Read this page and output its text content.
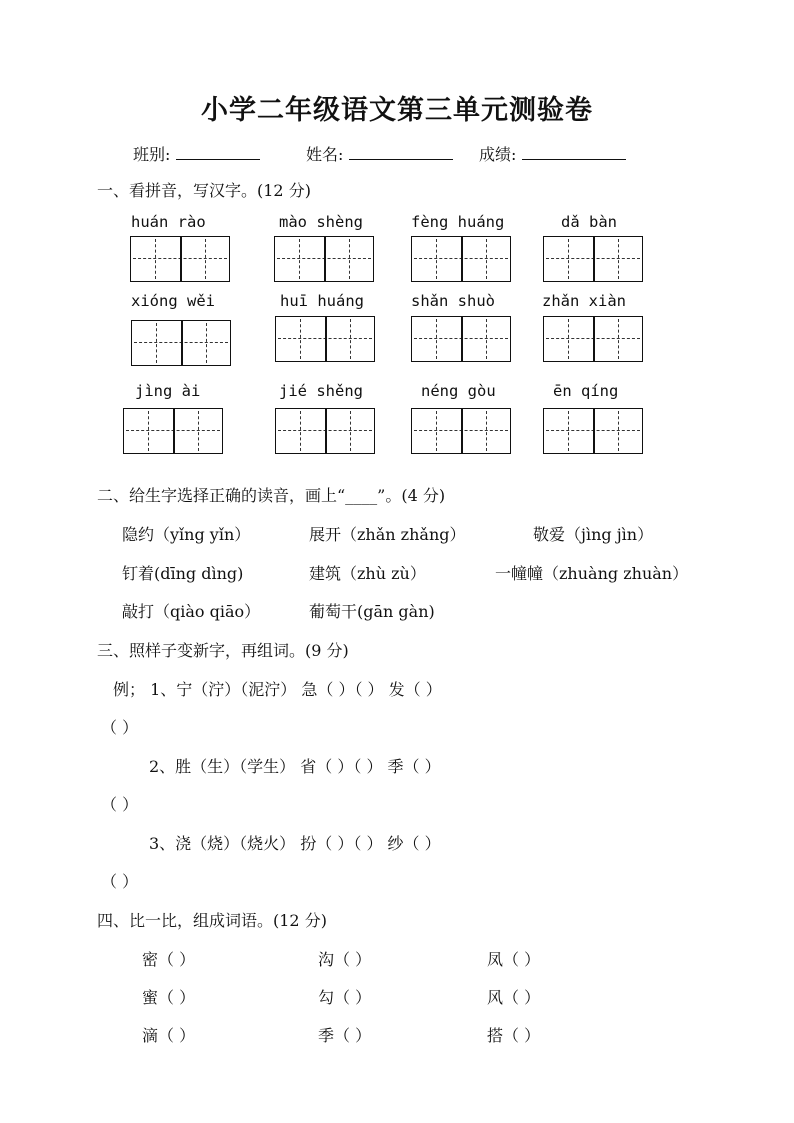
小学二年级语文第三单元测验卷
班别:	姓名:	成绩:
一、看拼音，写汉字。(12 分)
huán rào	mào shèng	fèng huáng	dǎ bàn
xióng wěi	huī huáng	shǎn shuò	zhǎn xiàn
jìng ài	jié shěng	néng gòu	ēn qíng
二、给生字选择正确的读音，画上“____”。(4 分)
隐约（yǐng yǐn）	展开（zhǎn zhǎng）	敬爱（jìng jìn）
钉着(dīng dìng)	建筑（zhù zù）	一幢幢（zhuàng zhuàn）
敲打（qiào qiāo）	葡萄干(gān gàn)
三、照样子变新字，再组词。(9 分)
例； 1、宁（泞）（泥泞） 急（ ）（ ） 发（ ）
（ ）
2、胜（生）（学生） 省（ ）（ ） 季（ ）
（ ）
3、浇（烧）（烧火） 扮（ ）（ ） 纱（ ）
（ ）
四、比一比，组成词语。(12 分)
密（ ）	沟（ ）	凤（ ）
蜜（ ）	勾（ ）	风（ ）
滴（ ）	季（ ）	搭（ ）
